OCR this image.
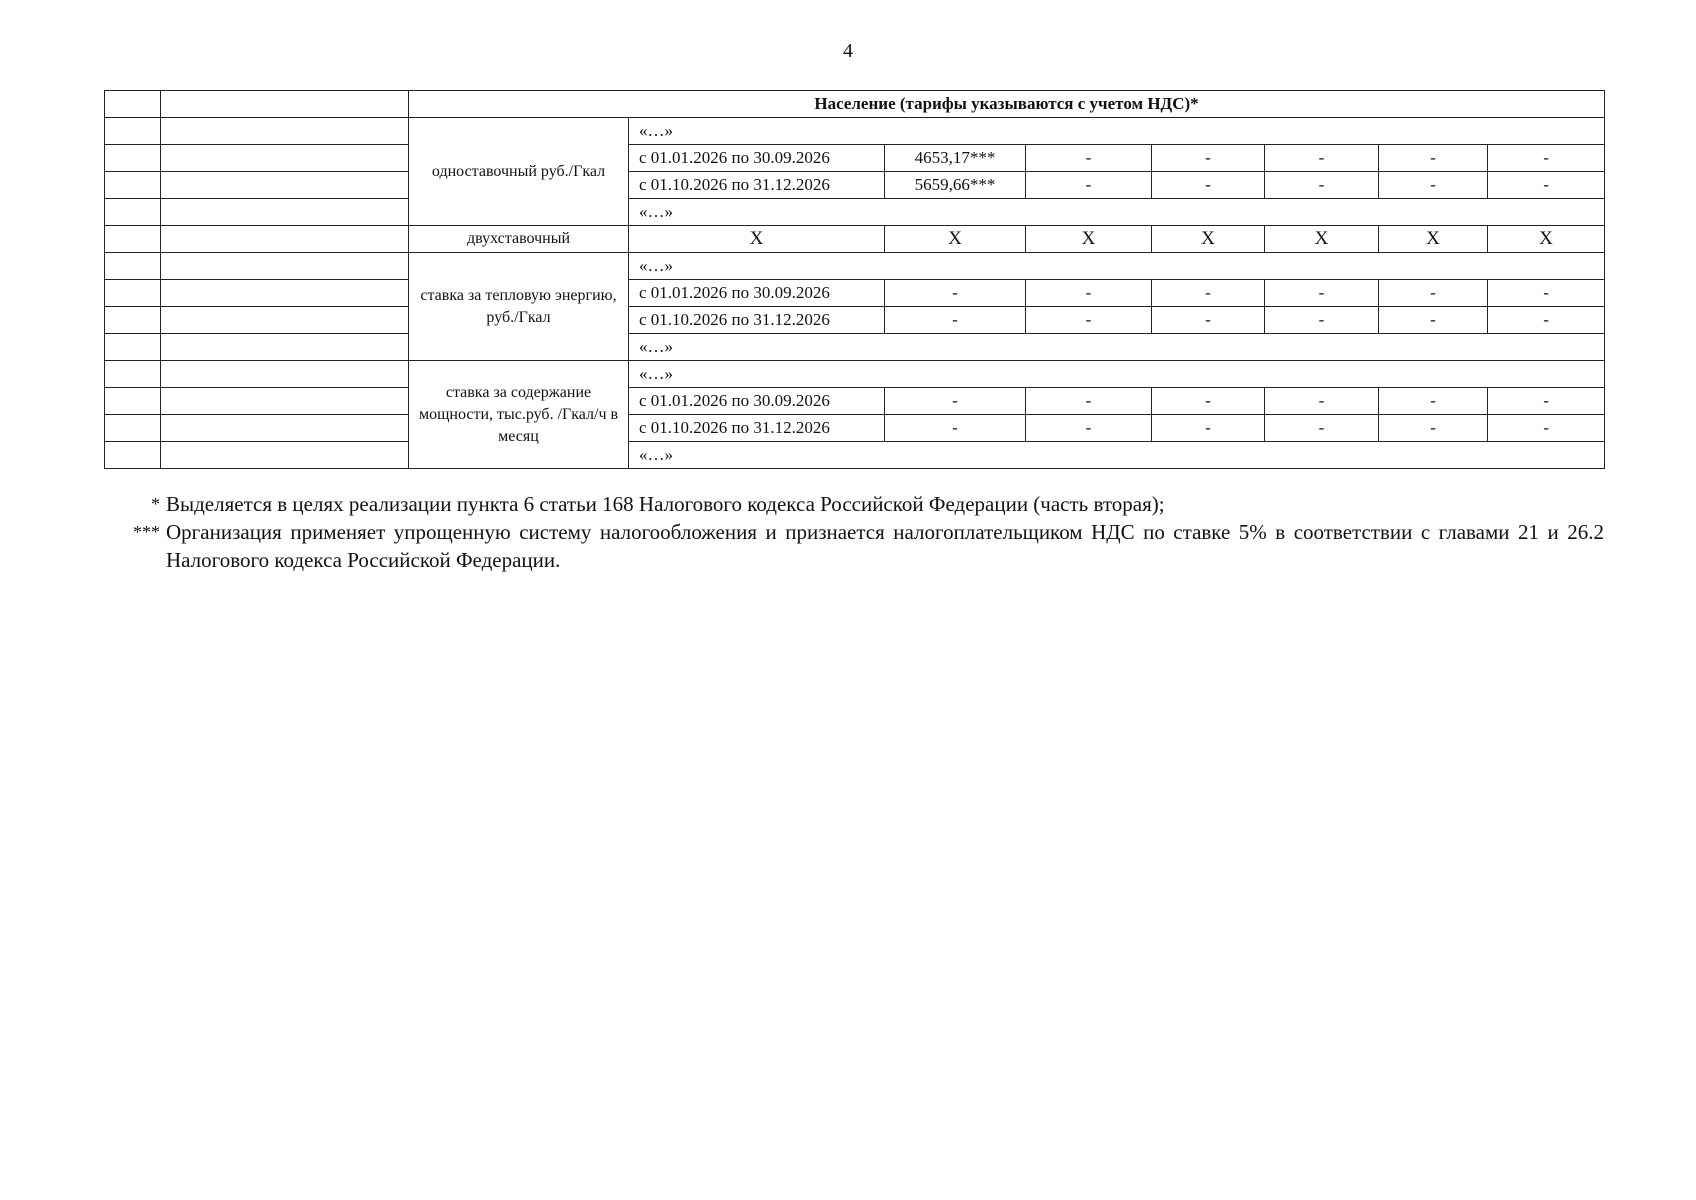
4
		Население (тарифы указываются с учетом НДС)*							
		одноставочный руб./Гкал	«…»						
			с 01.01.2026 по 30.09.2026	4653,17***	-	-	-	-	-
			с 01.10.2026 по 31.12.2026	5659,66***	-	-	-	-	-
			«…»						
		двухставочный	Х	Х	Х	Х	Х	Х	Х
		ставка за тепловую энергию, руб./Гкал	«…»						
			с 01.01.2026 по 30.09.2026	-	-	-	-	-	-
			с 01.10.2026 по 31.12.2026	-	-	-	-	-	-
			«…»						
		ставка за содержание мощности, тыс.руб. /Гкал/ч в месяц	«…»						
			с 01.01.2026 по 30.09.2026	-	-	-	-	-	-
			с 01.10.2026 по 31.12.2026	-	-	-	-	-	-
			«…»						
* Выделяется в целях реализации пункта 6 статьи 168 Налогового кодекса Российской Федерации (часть вторая);
*** Организация применяет упрощенную систему налогообложения и признается налогоплательщиком НДС по ставке 5% в соответствии с главами 21 и 26.2 Налогового кодекса Российской Федерации.
